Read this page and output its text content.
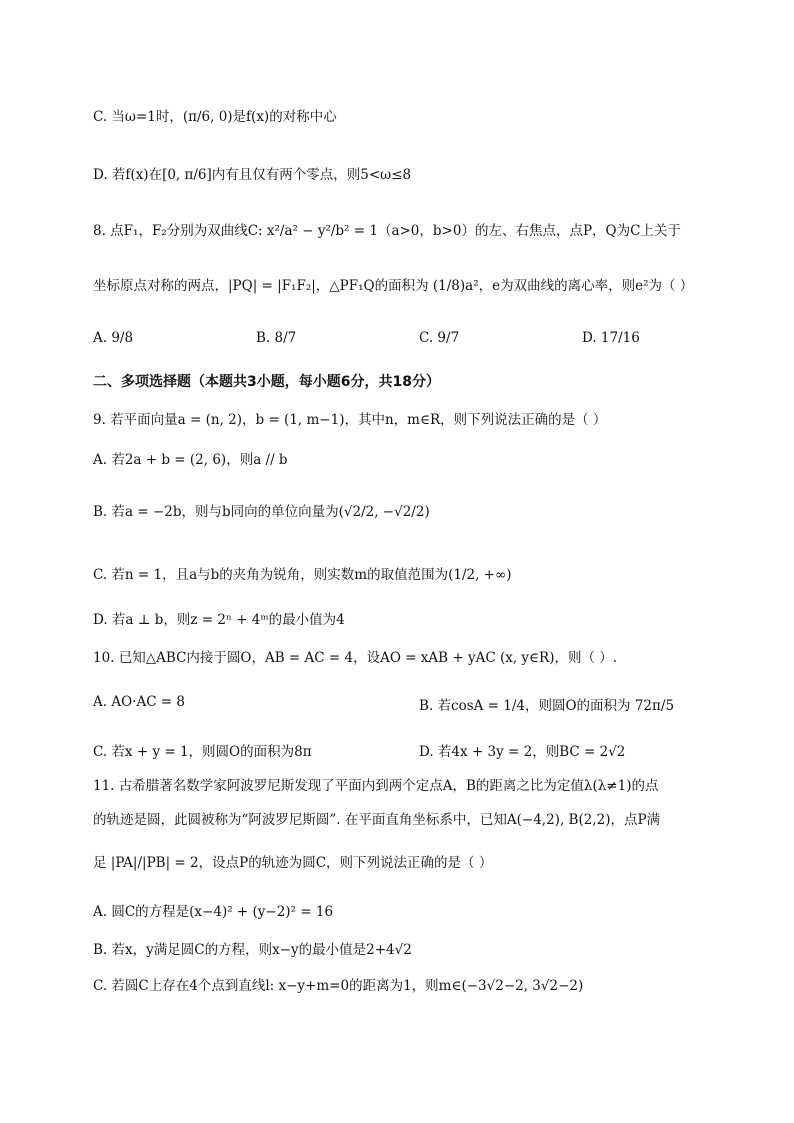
C. 当ω=1时，(π/6, 0)是f(x)的对称中心
D. 若f(x)在[0, π/6]内有且仅有两个零点，则5<ω≤8
8. 点F₁，F₂分别为双曲线C: x²/a² − y²/b² = 1（a>0，b>0）的左、右焦点，点P，Q为C上关于
坐标原点对称的两点，|PQ| = |F₁F₂|，△PF₁Q的面积为 (1/8)a²，e为双曲线的离心率，则e²为（ ）
A. 9/8	B. 8/7	C. 9/7	D. 17/16
二、多项选择题（本题共3小题，每小题6分，共18分）
9. 若平面向量a = (n, 2)，b = (1, m−1)，其中n，m∈R，则下列说法正确的是（ ）
A. 若2a + b = (2, 6)，则a // b
B. 若a = −2b，则与b同向的单位向量为(√2/2, −√2/2)
C. 若n = 1，且a与b的夹角为锐角，则实数m的取值范围为(1/2, +∞)
D. 若a ⊥ b，则z = 2ⁿ + 4ᵐ的最小值为4
10. 已知△ABC内接于圆O，AB = AC = 4，设AO = xAB + yAC (x, y∈R)，则（ ）.
A. AO·AC = 8	B. 若cosA = 1/4，则圆O的面积为 72π/5
C. 若x + y = 1，则圆O的面积为8π	D. 若4x + 3y = 2，则BC = 2√2
11. 古希腊著名数学家阿波罗尼斯发现了平面内到两个定点A，B的距离之比为定值λ(λ≠1)的点
的轨迹是圆，此圆被称为“阿波罗尼斯圆”. 在平面直角坐标系中，已知A(−4,2), B(2,2)，点P满
足 |PA|/|PB| = 2，设点P的轨迹为圆C，则下列说法正确的是（ ）
A. 圆C的方程是(x−4)² + (y−2)² = 16
B. 若x，y满足圆C的方程，则x−y的最小值是2+4√2
C. 若圆C上存在4个点到直线l: x−y+m=0的距离为1，则m∈(−3√2−2, 3√2−2)
